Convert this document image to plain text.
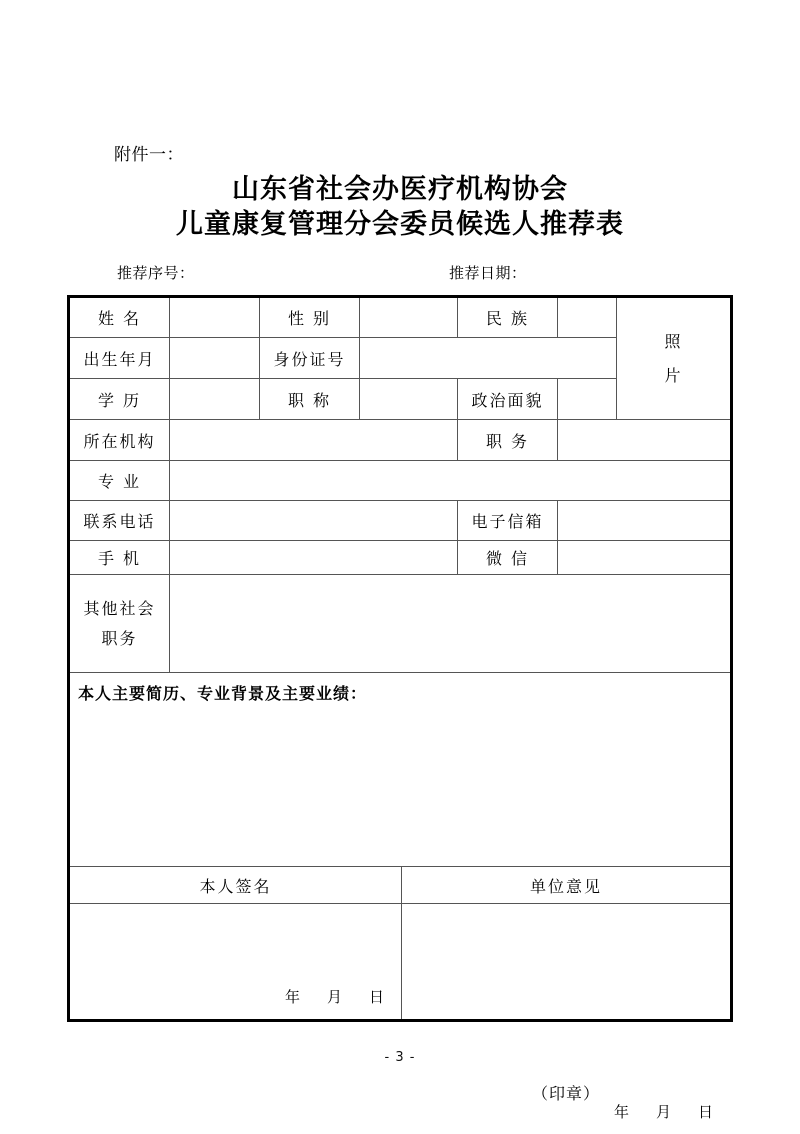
附件一：
山东省社会办医疗机构协会
儿童康复管理分会委员候选人推荐表
推荐序号：	推荐日期：
姓 名	性 别	民 族
出生年月	身份证号
学 历	职 称	政治面貌
照
片
所在机构	职 务
专 业
联系电话	电子信箱
手 机	微 信
其他社会
职务
本人主要简历、专业背景及主要业绩：
本人签名	单位意见
年 月 日
（印章）
年 月 日
- 3 -
